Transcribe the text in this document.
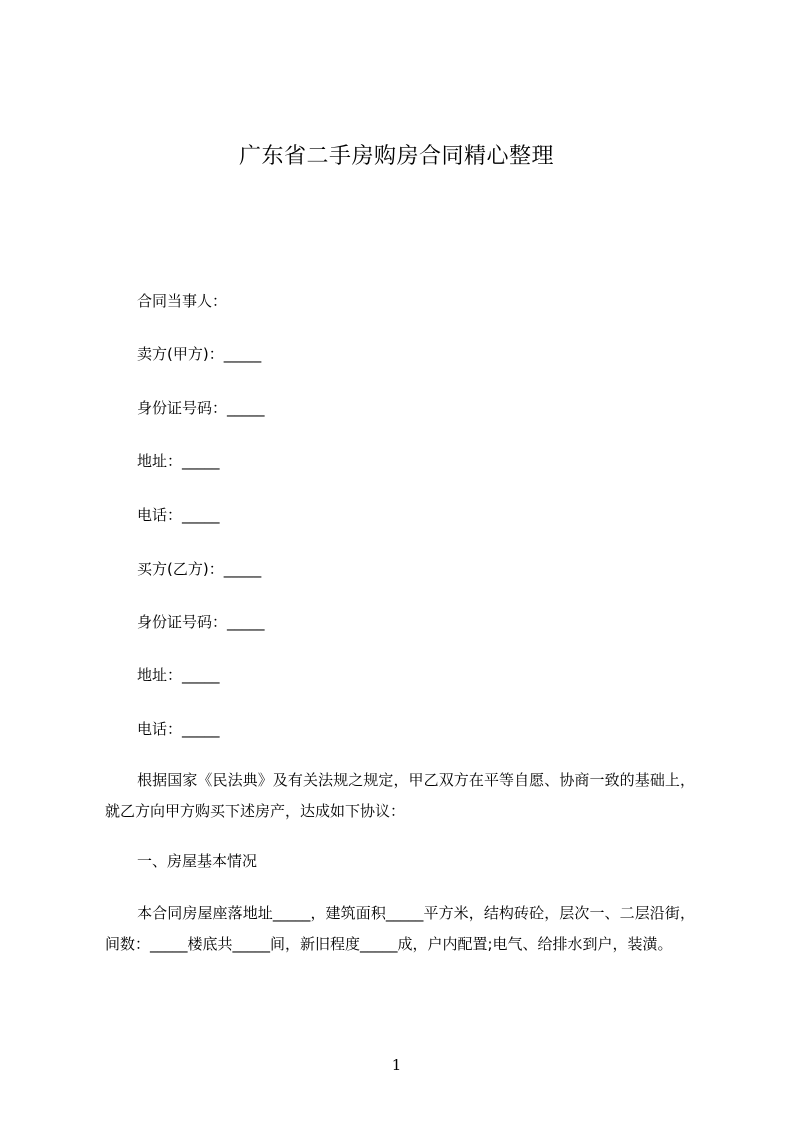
广东省二手房购房合同精心整理
合同当事人：
卖方(甲方)：_____
身份证号码：_____
地址：_____
电话：_____
买方(乙方)：_____
身份证号码：_____
地址：_____
电话：_____
根据国家《民法典》及有关法规之规定，甲乙双方在平等自愿、协商一致的基础上，就乙方向甲方购买下述房产，达成如下协议：
一、房屋基本情况
本合同房屋座落地址_____，建筑面积_____平方米，结构砖砼，层次一、二层沿街，间数：_____楼底共_____间，新旧程度_____成，户内配置;电气、给排水到户，装潢。
1
